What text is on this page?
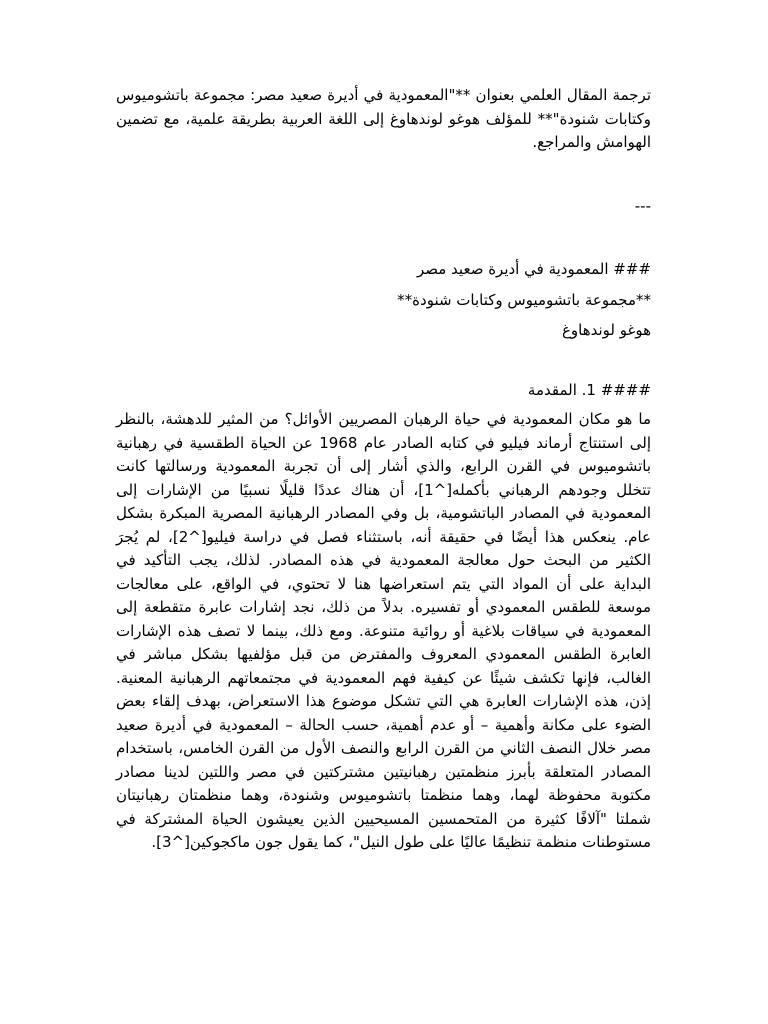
ترجمة المقال العلمي بعنوان **"المعمودية في أديرة صعيد مصر: مجموعة باتشوميوس وكتابات شنودة"** للمؤلف هوغو لوندهاوغ إلى اللغة العربية بطريقة علمية، مع تضمين الهوامش والمراجع.

---

### المعمودية في أديرة صعيد مصر

**مجموعة باتشوميوس وكتابات شنودة**

هوغو لوندهاوغ

#### 1. المقدمة

ما هو مكان المعمودية في حياة الرهبان المصريين الأوائل؟ من المثير للدهشة، بالنظر إلى استنتاج أرماند فيليو في كتابه الصادر عام 1968 عن الحياة الطقسية في رهبانية باتشوميوس في القرن الرابع، والذي أشار إلى أن تجربة المعمودية ورسالتها كانت تتخلل وجودهم الرهباني بأكمله[^1]، أن هناك عددًا قليلًا نسبيًا من الإشارات إلى المعمودية في المصادر الباتشومية، بل وفي المصادر الرهبانية المصرية المبكرة بشكل عام. ينعكس هذا أيضًا في حقيقة أنه، باستثناء فصل في دراسة فيليو[^2]، لم يُجرَ الكثير من البحث حول معالجة المعمودية في هذه المصادر. لذلك، يجب التأكيد في البداية على أن المواد التي يتم استعراضها هنا لا تحتوي، في الواقع، على معالجات موسعة للطقس المعمودي أو تفسيره. بدلاً من ذلك، نجد إشارات عابرة متقطعة إلى المعمودية في سياقات بلاغية أو روائية متنوعة. ومع ذلك، بينما لا تصف هذه الإشارات العابرة الطقس المعمودي المعروف والمفترض من قبل مؤلفيها بشكل مباشر في الغالب، فإنها تكشف شيئًا عن كيفية فهم المعمودية في مجتمعاتهم الرهبانية المعنية. إذن، هذه الإشارات العابرة هي التي تشكل موضوع هذا الاستعراض، بهدف إلقاء بعض الضوء على مكانة وأهمية – أو عدم أهمية، حسب الحالة – المعمودية في أديرة صعيد مصر خلال النصف الثاني من القرن الرابع والنصف الأول من القرن الخامس، باستخدام المصادر المتعلقة بأبرز منظمتين رهبانيتين مشتركتين في مصر واللتين لدينا مصادر مكتوبة محفوظة لهما، وهما منظمتا باتشوميوس وشنودة، وهما منظمتان رهبانيتان شملتا "آلافًا كثيرة من المتحمسين المسيحيين الذين يعيشون الحياة المشتركة في مستوطنات منظمة تنظيمًا عاليًا على طول النيل"، كما يقول جون ماكجوكين[^3].
